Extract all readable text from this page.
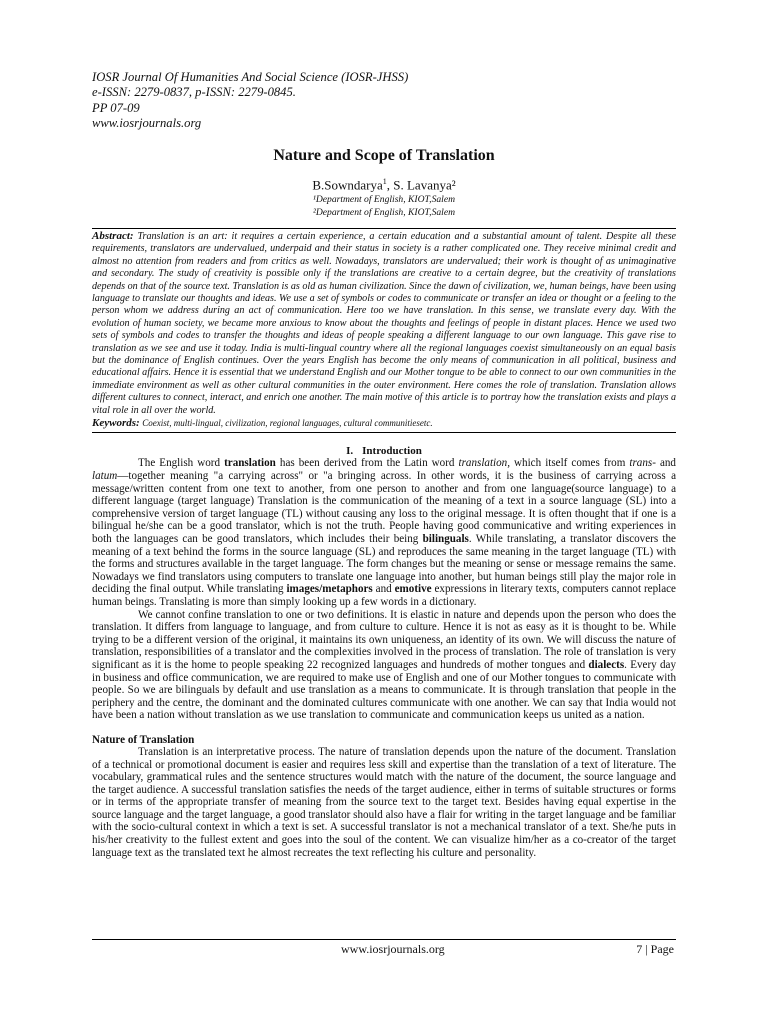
IOSR Journal Of Humanities And Social Science (IOSR-JHSS)
e-ISSN: 2279-0837, p-ISSN: 2279-0845.
PP 07-09
www.iosrjournals.org
Nature and Scope of Translation
B.Sowndarya$^1$, S. Lavanya²
¹Department of English, KIOT,Salem
²Department of English, KIOT,Salem
Abstract: Translation is an art: it requires a certain experience, a certain education and a substantial amount of talent. Despite all these requirements, translators are undervalued, underpaid and their status in society is a rather complicated one. They receive minimal credit and almost no attention from readers and from critics as well. Nowadays, translators are undervalued; their work is thought of as unimaginative and secondary. The study of creativity is possible only if the translations are creative to a certain degree, but the creativity of translations depends on that of the source text. Translation is as old as human civilization. Since the dawn of civilization, we, human beings, have been using language to translate our thoughts and ideas. We use a set of symbols or codes to communicate or transfer an idea or thought or a feeling to the person whom we address during an act of communication. Here too we have translation. In this sense, we translate every day. With the evolution of human society, we became more anxious to know about the thoughts and feelings of people in distant places. Hence we used two sets of symbols and codes to transfer the thoughts and ideas of people speaking a different language to our own language. This gave rise to translation as we see and use it today. India is multi-lingual country where all the regional languages coexist simultaneously on an equal basis but the dominance of English continues. Over the years English has become the only means of communication in all political, business and educational affairs. Hence it is essential that we understand English and our Mother tongue to be able to connect to our own communities in the immediate environment as well as other cultural communities in the outer environment. Here comes the role of translation. Translation allows different cultures to connect, interact, and enrich one another. The main motive of this article is to portray how the translation exists and plays a vital role in all over the world.
Keywords: Coexist, multi-lingual, civilization, regional languages, cultural communitiesetc.
I. Introduction

The English word translation has been derived from the Latin word translation, which itself comes from trans- and latum—together meaning "a carrying across" or "a bringing across. In other words, it is the business of carrying across a message/written content from one text to another, from one person to another and from one language(source language) to a different language (target language) Translation is the communication of the meaning of a text in a source language (SL) into a comprehensive version of target language (TL) without causing any loss to the original message. It is often thought that if one is a bilingual he/she can be a good translator, which is not the truth. People having good communicative and writing experiences in both the languages can be good translators, which includes their being bilinguals. While translating, a translator discovers the meaning of a text behind the forms in the source language (SL) and reproduces the same meaning in the target language (TL) with the forms and structures available in the target language. The form changes but the meaning or sense or message remains the same. Nowadays we find translators using computers to translate one language into another, but human beings still play the major role in deciding the final output. While translating images/metaphors and emotive expressions in literary texts, computers cannot replace human beings. Translating is more than simply looking up a few words in a dictionary.

We cannot confine translation to one or two definitions. It is elastic in nature and depends upon the person who does the translation. It differs from language to language, and from culture to culture. Hence it is not as easy as it is thought to be. While trying to be a different version of the original, it maintains its own uniqueness, an identity of its own. We will discuss the nature of translation, responsibilities of a translator and the complexities involved in the process of translation. The role of translation is very significant as it is the home to people speaking 22 recognized languages and hundreds of mother tongues and dialects. Every day in business and office communication, we are required to make use of English and one of our Mother tongues to communicate with people. So we are bilinguals by default and use translation as a means to communicate. It is through translation that people in the periphery and the centre, the dominant and the dominated cultures communicate with one another. We can say that India would not have been a nation without translation as we use translation to communicate and communication keeps us united as a nation.

Nature of Translation

Translation is an interpretative process. The nature of translation depends upon the nature of the document. Translation of a technical or promotional document is easier and requires less skill and expertise than the translation of a text of literature. The vocabulary, grammatical rules and the sentence structures would match with the nature of the document, the source language and the target audience. A successful translation satisfies the needs of the target audience, either in terms of suitable structures or forms or in terms of the appropriate transfer of meaning from the source text to the target text. Besides having equal expertise in the source language and the target language, a good translator should also have a flair for writing in the target language and be familiar with the socio-cultural context in which a text is set. A successful translator is not a mechanical translator of a text. She/he puts in his/her creativity to the fullest extent and goes into the soul of the content. We can visualize him/her as a co-creator of the target language text as the translated text he almost recreates the text reflecting his culture and personality.

www.iosrjournals.org	7 | Page
